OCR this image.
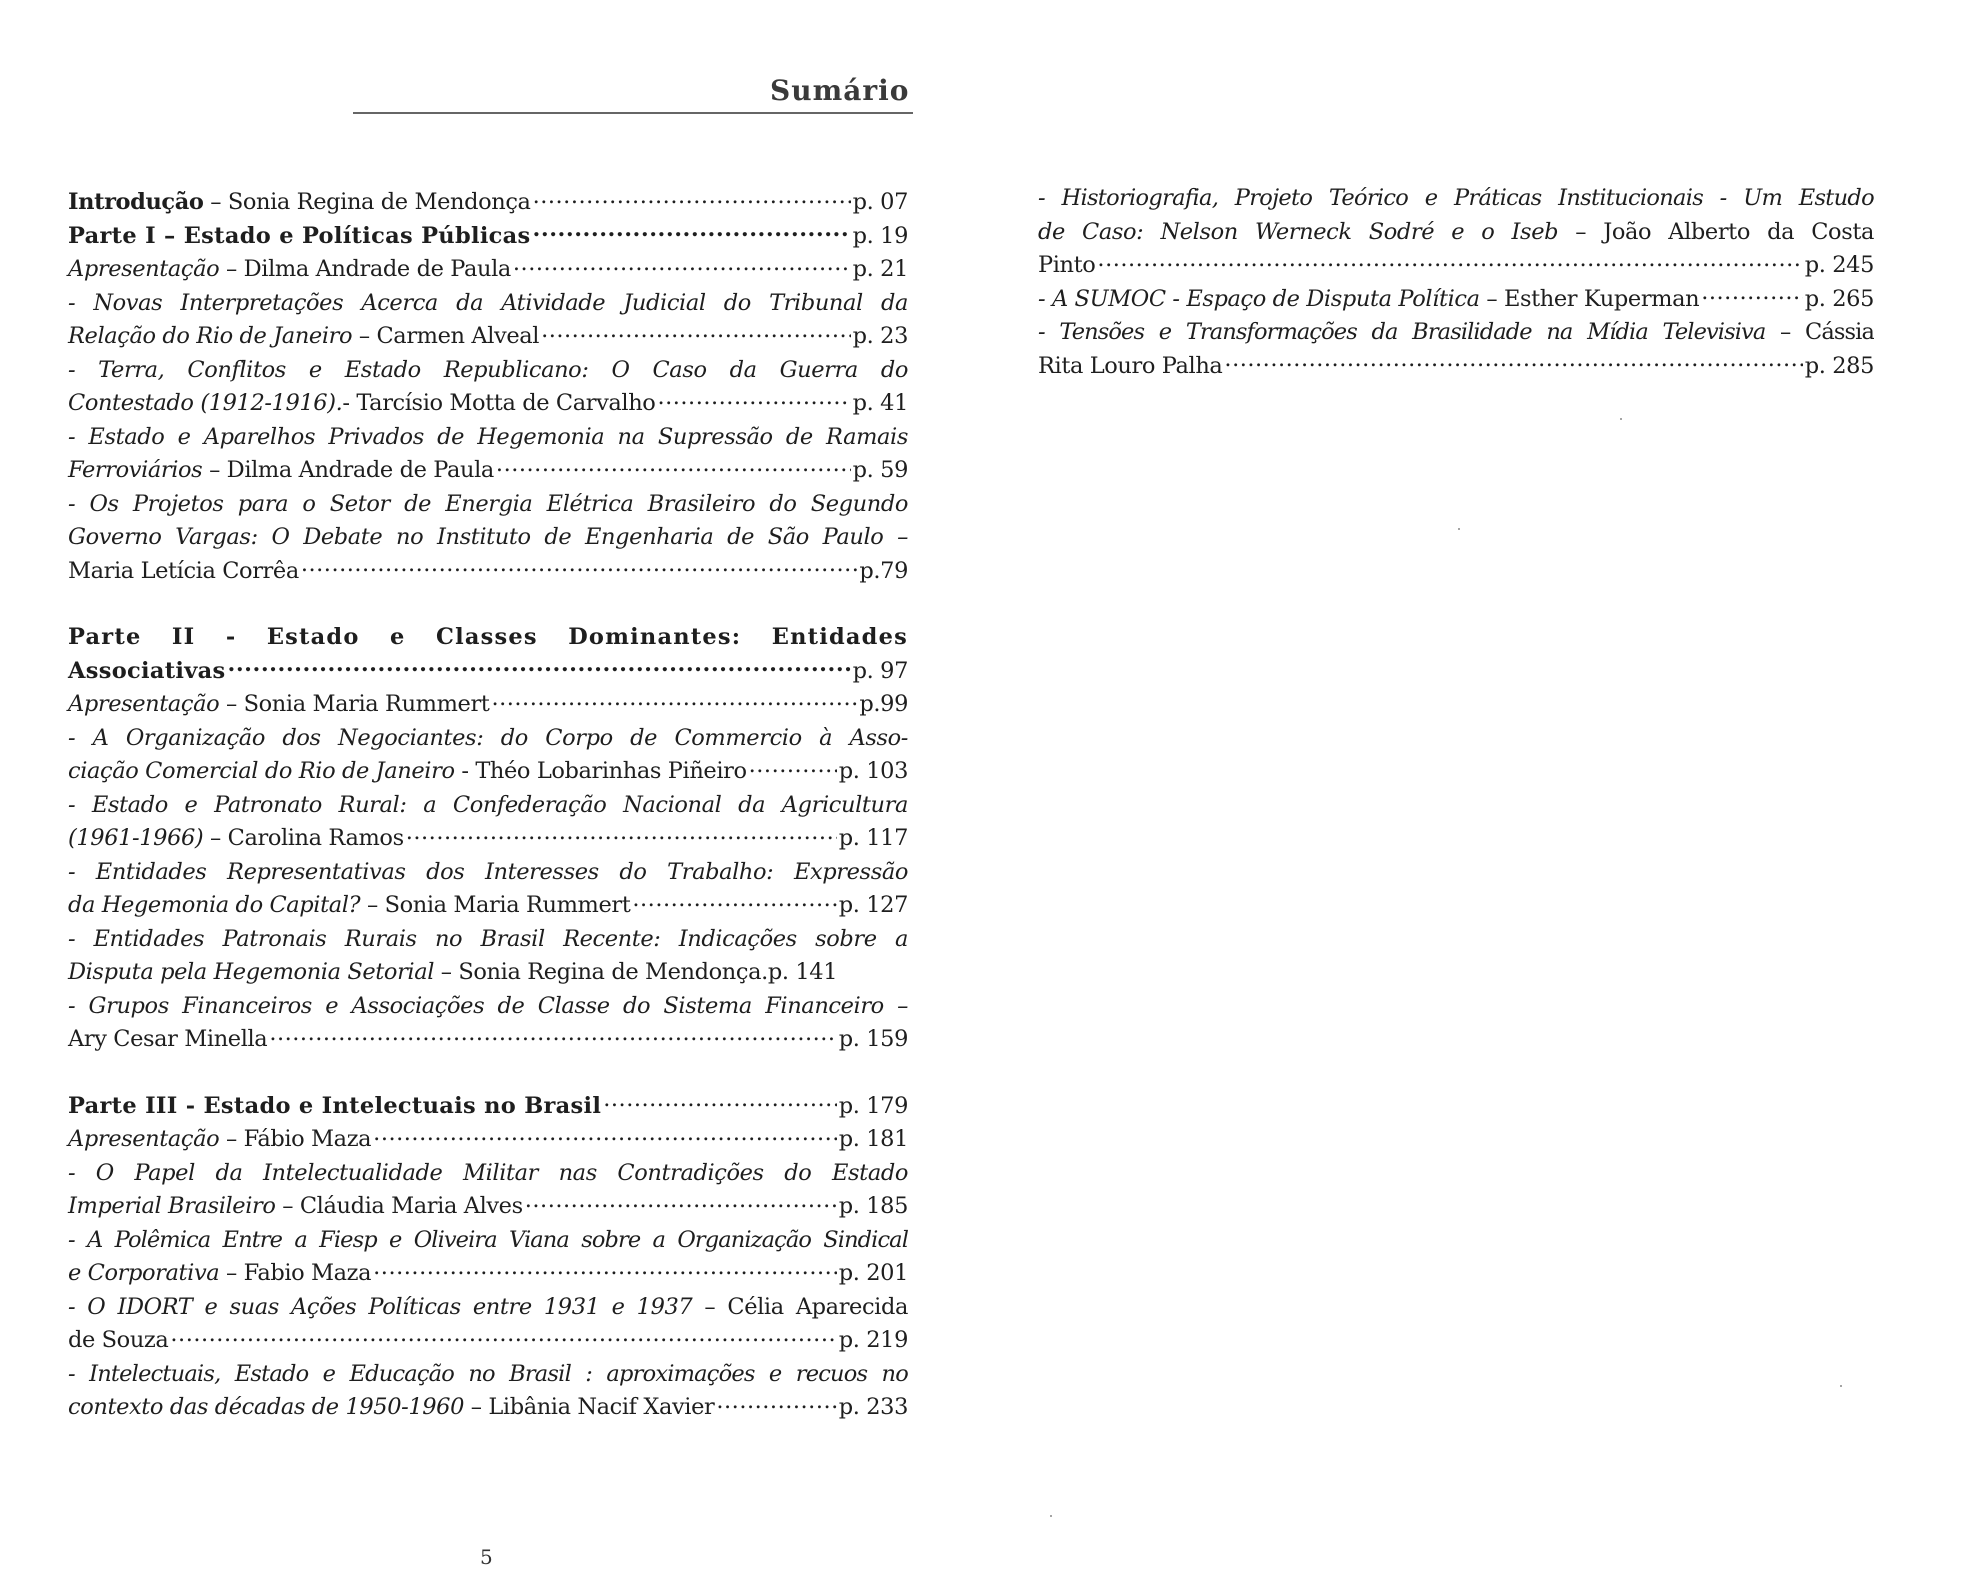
Sumário
Introdução – Sonia Regina de Mendonça .....	p. 07
Parte I – Estado e Políticas Públicas .....	p. 19
Apresentação – Dilma Andrade de Paula .....	p. 21
- Novas Interpretações Acerca da Atividade Judicial do Tribunal da
Relação do Rio de Janeiro – Carmen Alveal .....	p. 23
- Terra, Conflitos e Estado Republicano: O Caso da Guerra do
Contestado (1912-1916).- Tarcísio Motta de Carvalho .....	p. 41
- Estado e Aparelhos Privados de Hegemonia na Supressão de Ramais
Ferroviários – Dilma Andrade de Paula .....	p. 59
- Os Projetos para o Setor de Energia Elétrica Brasileiro do Segundo
Governo Vargas: O Debate no Instituto de Engenharia de São Paulo –
Maria Letícia Corrêa .....	p.79
Parte II - Estado e Classes Dominantes: Entidades
Associativas .....	p. 97
Apresentação – Sonia Maria Rummert .....	p.99
- A Organização dos Negociantes: do Corpo de Commercio à Asso-
ciação Comercial do Rio de Janeiro - Théo Lobarinhas Piñeiro .....	p. 103
- Estado e Patronato Rural: a Confederação Nacional da Agricultura
(1961-1966) – Carolina Ramos .....	p. 117
- Entidades Representativas dos Interesses do Trabalho: Expressão
da Hegemonia do Capital? – Sonia Maria Rummert .....	p. 127
- Entidades Patronais Rurais no Brasil Recente: Indicações sobre a
Disputa pela Hegemonia Setorial – Sonia Regina de Mendonça. p. 141
- Grupos Financeiros e Associações de Classe do Sistema Financeiro –
Ary Cesar Minella .....	p. 159
Parte III - Estado e Intelectuais no Brasil .....	p. 179
Apresentação – Fábio Maza .....	p. 181
- O Papel da Intelectualidade Militar nas Contradições do Estado
Imperial Brasileiro – Cláudia Maria Alves .....	p. 185
- A Polêmica Entre a Fiesp e Oliveira Viana sobre a Organização Sindical
e Corporativa – Fabio Maza .....	p. 201
- O IDORT e suas Ações Políticas entre 1931 e 1937 – Célia Aparecida
de Souza .....	p. 219
- Intelectuais, Estado e Educação no Brasil : aproximações e recuos no
contexto das décadas de 1950-1960 – Libânia Nacif Xavier .....	p. 233
- Historiografia, Projeto Teórico e Práticas Institucionais - Um Estudo
de Caso: Nelson Werneck Sodré e o Iseb – João Alberto da Costa
Pinto .....	p. 245
- A SUMOC - Espaço de Disputa Política – Esther Kuperman .....	p. 265
- Tensões e Transformações da Brasilidade na Mídia Televisiva – Cássia
Rita Louro Palha .....	p. 285
5
